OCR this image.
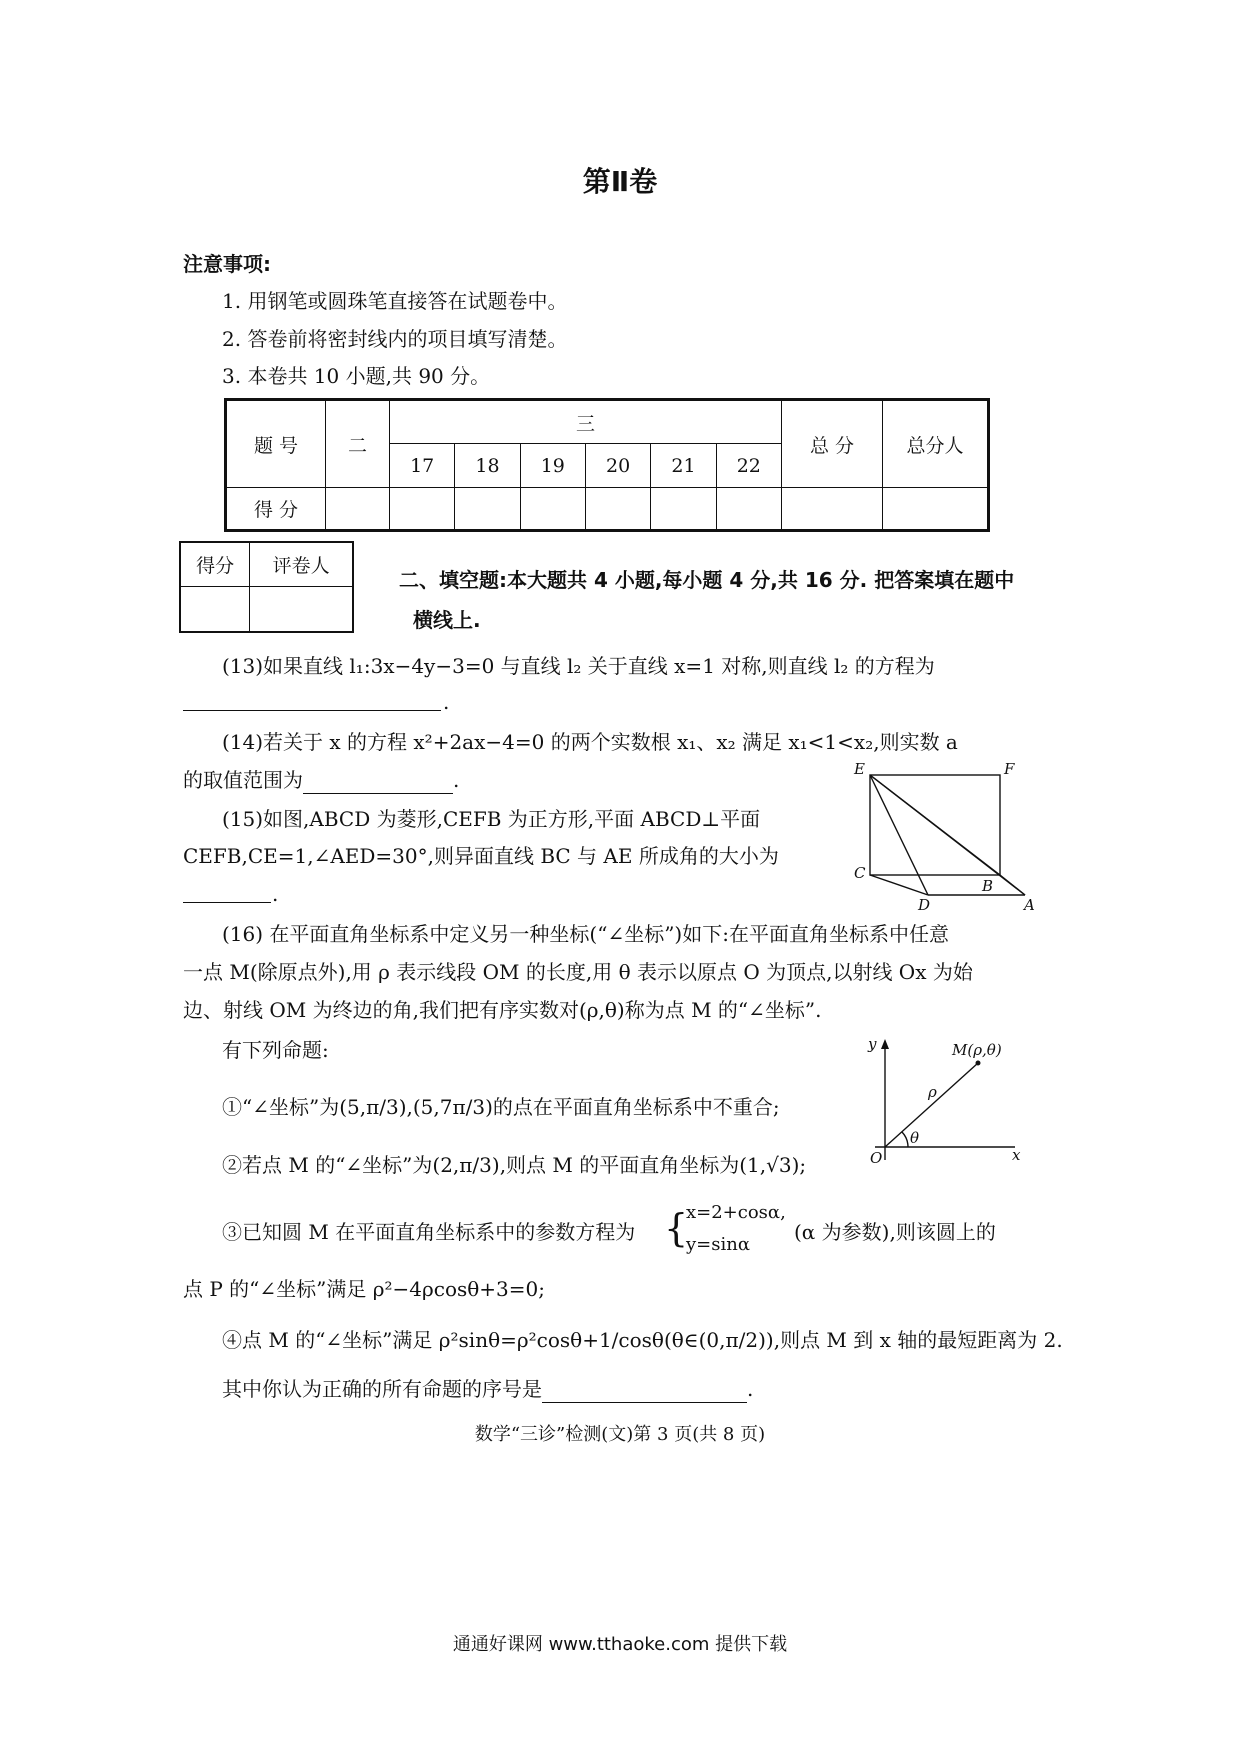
第Ⅱ卷
注意事项:
1. 用钢笔或圆珠笔直接答在试题卷中。
2. 答卷前将密封线内的项目填写清楚。
3. 本卷共 10 小题,共 90 分。
题 号	二	三						总 分	总分人
		17	18	19	20	21	22		
得 分									
得分	评卷人

二、填空题:本大题共 4 小题,每小题 4 分,共 16 分. 把答案填在题中
横线上.
(13)如果直线 l₁:3x−4y−3=0 与直线 l₂ 关于直线 x=1 对称,则直线 l₂ 的方程为
.
(14)若关于 x 的方程 x²+2ax−4=0 的两个实数根 x₁、x₂ 满足 x₁<1<x₂,则实数 a
的取值范围为	.
(15)如图,ABCD 为菱形,CEFB 为正方形,平面 ABCD⊥平面
CEFB,CE=1,∠AED=30°,则异面直线 BC 与 AE 所成角的大小为
.
E	F
C
B
D	A
(16) 在平面直角坐标系中定义另一种坐标(“∠坐标”)如下:在平面直角坐标系中任意
一点 M(除原点外),用 ρ 表示线段 OM 的长度,用 θ 表示以原点 O 为顶点,以射线 Ox 为始
边、射线 OM 为终边的角,我们把有序实数对(ρ,θ)称为点 M 的“∠坐标”.
有下列命题:
①“∠坐标”为(5,π/3),(5,7π/3)的点在平面直角坐标系中不重合;
②若点 M 的“∠坐标”为(2,π/3),则点 M 的平面直角坐标为(1,√3);
y
x
O
M(ρ,θ)
ρ
θ
③已知圆 M 在平面直角坐标系中的参数方程为 {
x=2+cosα,
y=sinα
(α 为参数),则该圆上的
点 P 的“∠坐标”满足 ρ²−4ρcosθ+3=0;
④点 M 的“∠坐标”满足 ρ²sinθ=ρ²cosθ+1/cosθ(θ∈(0,π/2)),则点 M 到 x 轴的最短距离为 2.
其中你认为正确的所有命题的序号是	.
数学“三诊”检测(文)第 3 页(共 8 页)
通通好课网 www.tthaoke.com 提供下载
